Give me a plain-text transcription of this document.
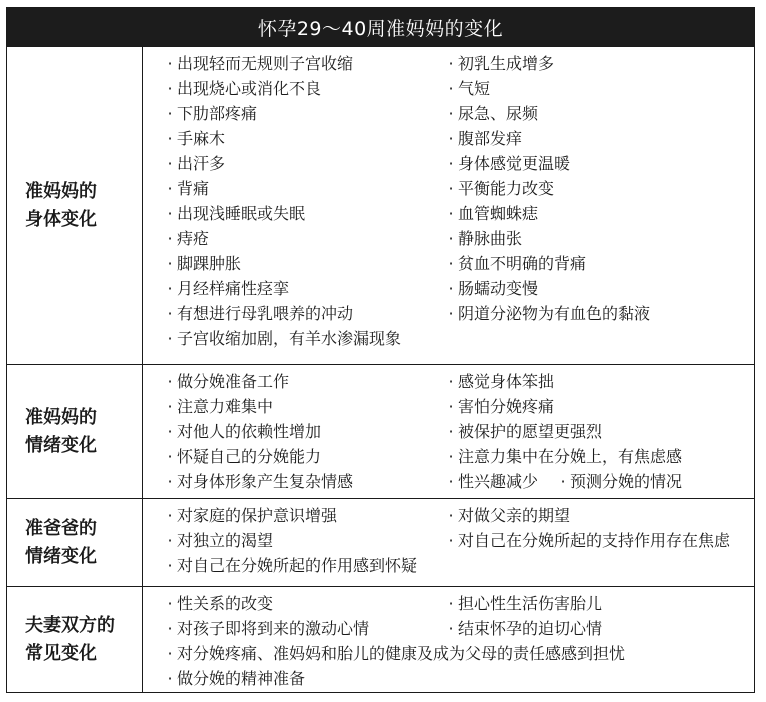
怀孕29～40周准妈妈的变化
准妈妈的
身体变化
· 出现轻而无规则子宫收缩	· 初乳生成增多
· 出现烧心或消化不良	· 气短
· 下肋部疼痛	· 尿急、尿频
· 手麻木	· 腹部发痒
· 出汗多	· 身体感觉更温暖
· 背痛	· 平衡能力改变
· 出现浅睡眠或失眠	· 血管蜘蛛痣
· 痔疮	· 静脉曲张
· 脚踝肿胀	· 贫血不明确的背痛
· 月经样痛性痉挛	· 肠蠕动变慢
· 有想进行母乳喂养的冲动	· 阴道分泌物为有血色的黏液
· 子宫收缩加剧，有羊水渗漏现象
准妈妈的
情绪变化
· 做分娩准备工作	· 感觉身体笨拙
· 注意力难集中	· 害怕分娩疼痛
· 对他人的依赖性增加	· 被保护的愿望更强烈
· 怀疑自己的分娩能力	· 注意力集中在分娩上，有焦虑感
· 对身体形象产生复杂情感	· 性兴趣减少	· 预测分娩的情况
准爸爸的
情绪变化
· 对家庭的保护意识增强	· 对做父亲的期望
· 对独立的渴望	· 对自己在分娩所起的支持作用存在焦虑
· 对自己在分娩所起的作用感到怀疑
夫妻双方的
常见变化
· 性关系的改变	· 担心性生活伤害胎儿
· 对孩子即将到来的激动心情	· 结束怀孕的迫切心情
· 对分娩疼痛、准妈妈和胎儿的健康及成为父母的责任感感到担忧
· 做分娩的精神准备
